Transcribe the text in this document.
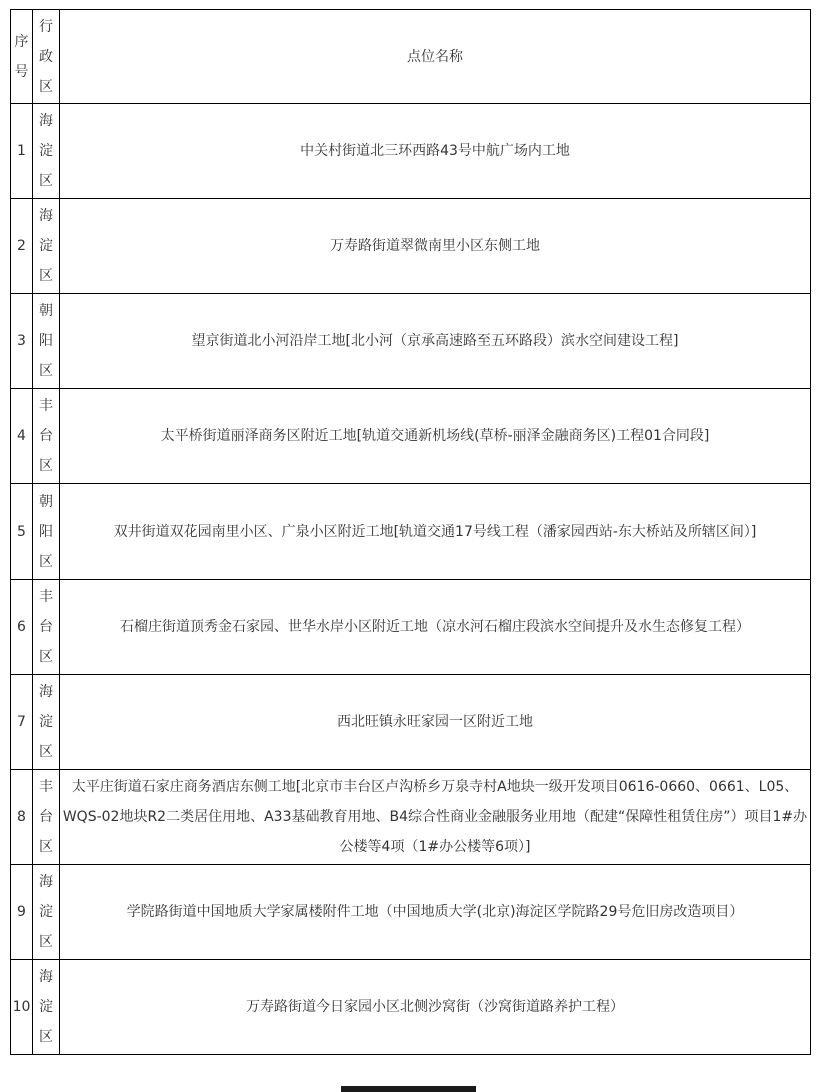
序
号	行
政
区	点位名称
1	海
淀
区	中关村街道北三环西路43号中航广场内工地
2	海
淀
区	万寿路街道翠微南里小区东侧工地
3	朝
阳
区	望京街道北小河沿岸工地[北小河（京承高速路至五环路段）滨水空间建设工程]
4	丰
台
区	太平桥街道丽泽商务区附近工地[轨道交通新机场线(草桥-丽泽金融商务区)工程01合同段]
5	朝
阳
区	双井街道双花园南里小区、广泉小区附近工地[轨道交通17号线工程（潘家园西站-东大桥站及所辖区间）]
6	丰
台
区	石榴庄街道顶秀金石家园、世华水岸小区附近工地（凉水河石榴庄段滨水空间提升及水生态修复工程）
7	海
淀
区	西北旺镇永旺家园一区附近工地
8	丰
台
区	太平庄街道石家庄商务酒店东侧工地[北京市丰台区卢沟桥乡万泉寺村A地块一级开发项目0616-0660、0661、L05、WQS-02地块R2二类居住用地、A33基础教育用地、B4综合性商业金融服务业用地（配建“保障性租赁住房”）项目1#办公楼等4项（1#办公楼等6项）]
9	海
淀
区	学院路街道中国地质大学家属楼附件工地（中国地质大学(北京)海淀区学院路29号危旧房改造项目）
10	海
淀
区	万寿路街道今日家园小区北侧沙窝街（沙窝街道路养护工程）
